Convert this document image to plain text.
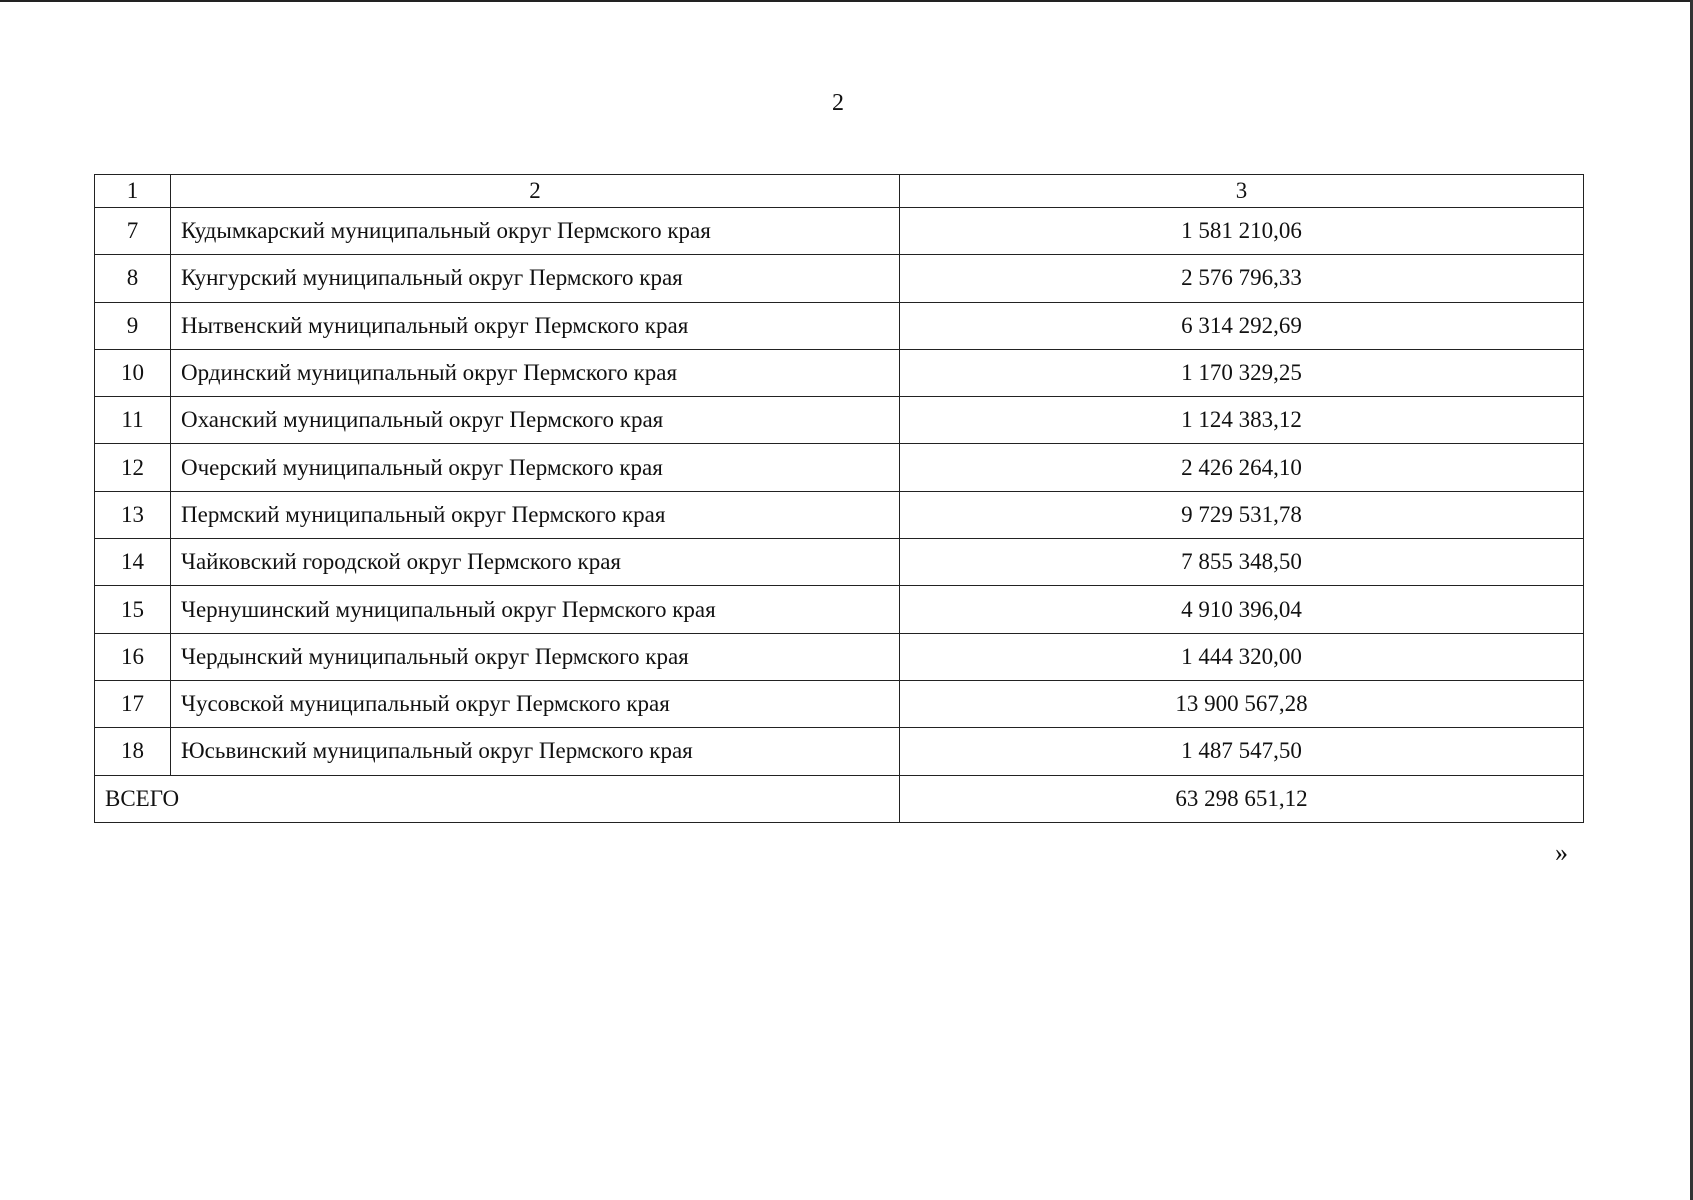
2
1	2	3
7	Кудымкарский муниципальный округ Пермского края	1 581 210,06
8	Кунгурский муниципальный округ Пермского края	2 576 796,33
9	Нытвенский муниципальный округ Пермского края	6 314 292,69
10	Ординский муниципальный округ Пермского края	1 170 329,25
11	Оханский муниципальный округ Пермского края	1 124 383,12
12	Очерский муниципальный округ Пермского края	2 426 264,10
13	Пермский муниципальный округ Пермского края	9 729 531,78
14	Чайковский городской округ Пермского края	7 855 348,50
15	Чернушинский муниципальный округ Пермского края	4 910 396,04
16	Чердынский муниципальный округ Пермского края	1 444 320,00
17	Чусовской муниципальный округ Пермского края	13 900 567,28
18	Юсьвинский муниципальный округ Пермского края	1 487 547,50
ВСЕГО		63 298 651,12
»
